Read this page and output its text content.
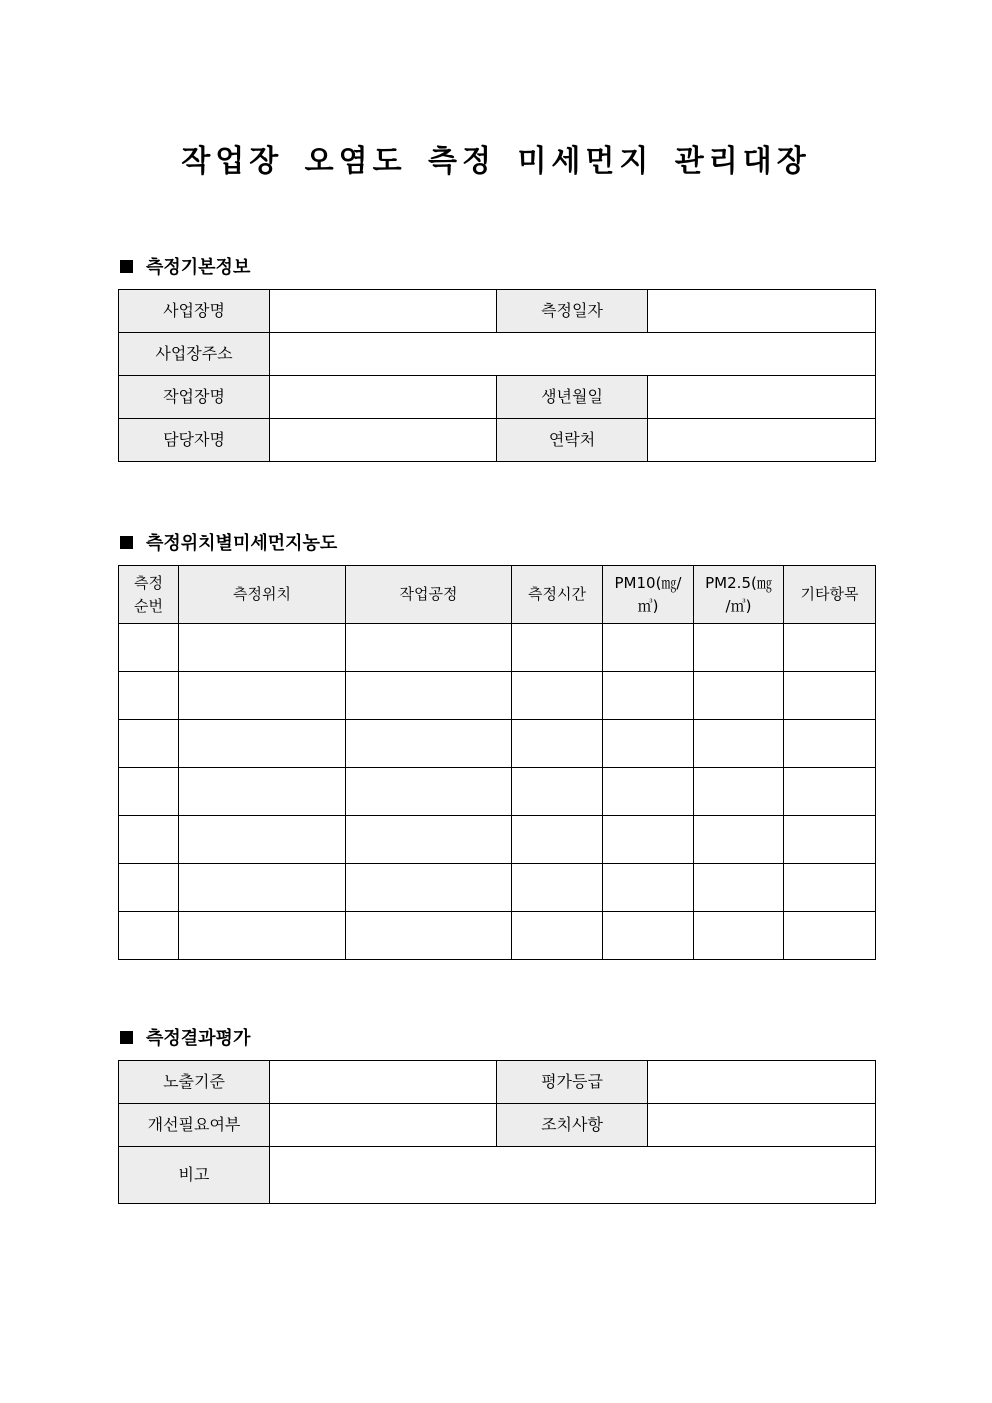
작업장 오염도 측정 미세먼지 관리대장
측정기본정보
사업장명		측정일자	
사업장주소			
작업장명		생년월일	
담당자명		연락처	
측정위치별미세먼지농도
측정
순번	측정위치	작업공정	측정시간	PM10(㎎/
㎥)	PM2.5(㎎
/㎥)	기타항목

측정결과평가
노출기준		평가등급	
개선필요여부		조치사항	
비고			
